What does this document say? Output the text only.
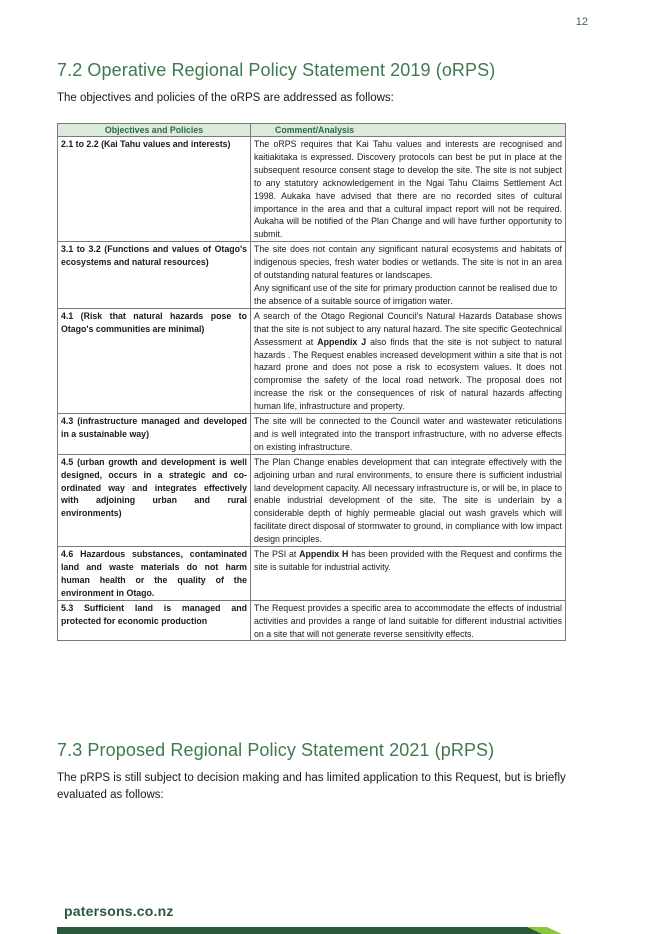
12
7.2 Operative Regional Policy Statement 2019 (oRPS)

The objectives and policies of the oRPS are addressed as follows:

Objectives and Policies	Comment/Analysis
2.1 to 2.2 (Kai Tahu values and interests)	The oRPS requires that Kai Tahu values and interests are recognised and kaitiakitaka is expressed. Discovery protocols can best be put in place at the subsequent resource consent stage to develop the site. The site is not subject to any statutory acknowledgement in the Ngai Tahu Claims Settlement Act 1998. Aukaka have advised that there are no recorded sites of cultural importance in the area and that a cultural impact report will not be required. Aukaha will be notified of the Plan Change and will have further opportunity to submit.
3.1 to 3.2 (Functions and values of Otago's ecosystems and natural resources)	The site does not contain any significant natural ecosystems and habitats of indigenous species, fresh water bodies or wetlands. The site is not in an area of outstanding natural features or landscapes.
Any significant use of the site for primary production cannot be realised due to the absence of a suitable source of irrigation water.

4.1 (Risk that natural hazards pose to Otago's communities are minimal)	A search of the Otago Regional Council's Natural Hazards Database shows that the site is not subject to any natural hazard. The site specific Geotechnical Assessment at Appendix J also finds that the site is not subject to natural hazards . The Request enables increased development within a site that is not hazard prone and does not pose a risk to ecosystem values. It does not compromise the safety of the local road network. The proposal does not increase the risk or the consequences of risk of natural hazards affecting human life, infrastructure and property.
4.3 (infrastructure managed and developed in a sustainable way)	The site will be connected to the Council water and wastewater reticulations and is well integrated into the transport infrastructure, with no adverse effects on existing infrastructure.
4.5 (urban growth and development is well designed, occurs in a strategic and co-ordinated way and integrates effectively with adjoining urban and rural environments)	The Plan Change enables development that can integrate effectively with the adjoining urban and rural environments, to ensure there is sufficient industrial land development capacity. All necessary infrastructure is, or will be, in place to enable industrial development of the site. The site is underlain by a considerable depth of highly permeable glacial out wash gravels which will facilitate direct disposal of stormwater to ground, in compliance with low impact design principles.
4.6 Hazardous substances, contaminated land and waste materials do not harm human health or the quality of the environment in Otago.	The PSI at Appendix H has been provided with the Request and confirms the site is suitable for industrial activity.
5.3 Sufficient land is managed and protected for economic production	The Request provides a specific area to accommodate the effects of industrial activities and provides a range of land suitable for different industrial activities on a site that will not generate reverse sensitivity effects.
7.3 Proposed Regional Policy Statement 2021 (pRPS)

The pRPS is still subject to decision making and has limited application to this Request, but is briefly evaluated as follows:

patersons.co.nz
